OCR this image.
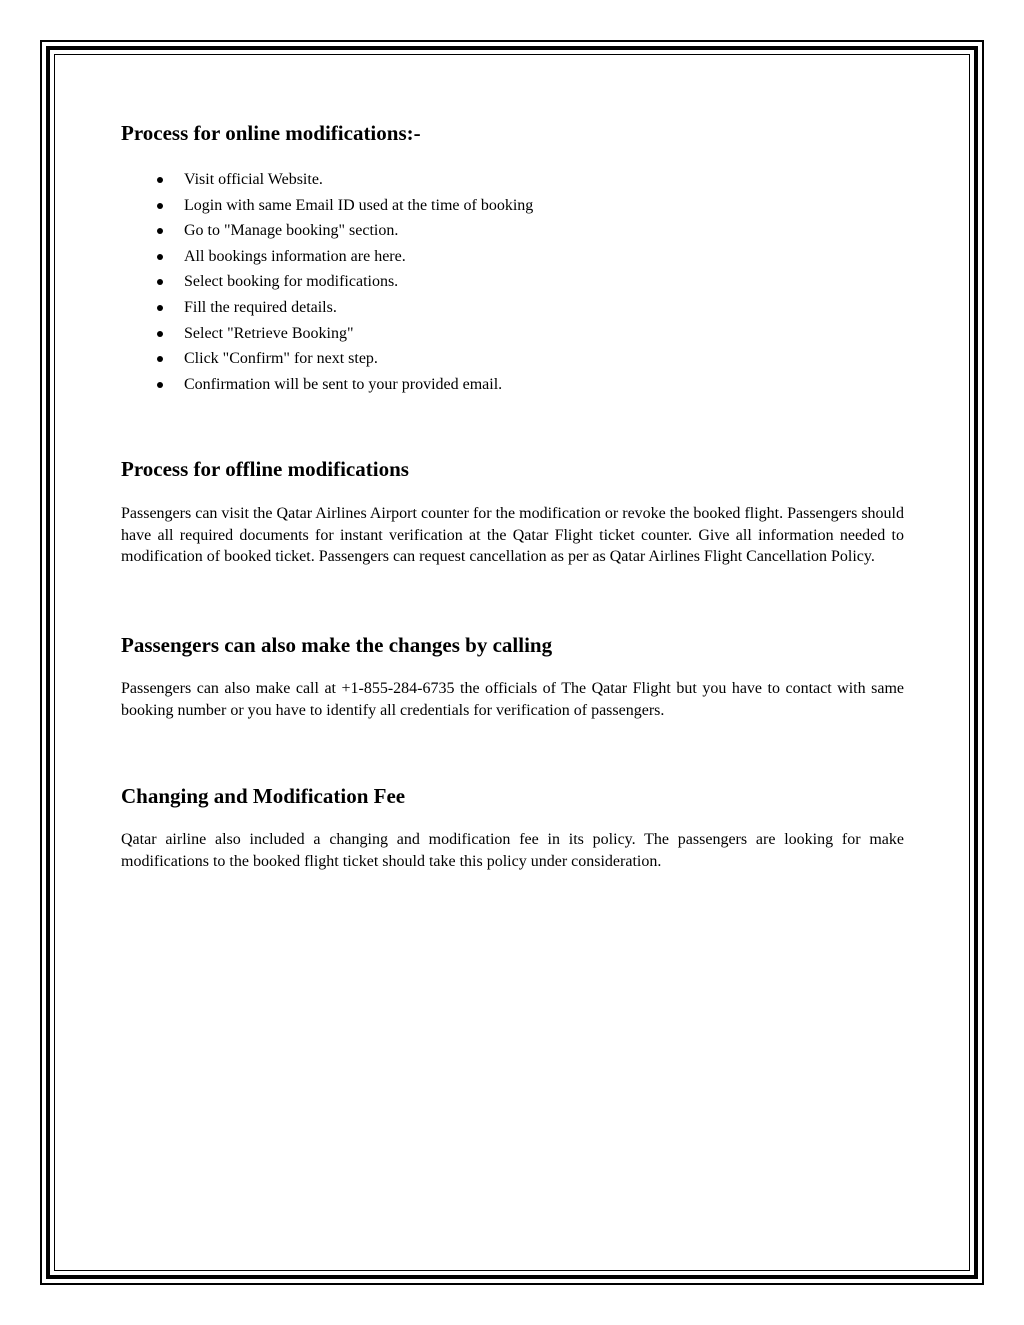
Process for online modifications:-
Visit official Website.
Login with same Email ID used at the time of booking
Go to "Manage booking" section.
All bookings information are here.
Select booking for modifications.
Fill the required details.
Select "Retrieve Booking"
Click "Confirm" for next step.
Confirmation will be sent to your provided email.
Process for offline modifications

Passengers can visit the Qatar Airlines Airport counter for the modification or revoke the booked flight. Passengers should have all required documents for instant verification at the Qatar Flight ticket counter. Give all information needed to modification of booked ticket. Passengers can request cancellation as per as Qatar Airlines Flight Cancellation Policy.

Passengers can also make the changes by calling

Passengers can also make call at +1-855-284-6735 the officials of The Qatar Flight but you have to contact with same booking number or you have to identify all credentials for verification of passengers.

Changing and Modification Fee

Qatar airline also included a changing and modification fee in its policy. The passengers are looking for make modifications to the booked flight ticket should take this policy under consideration.
